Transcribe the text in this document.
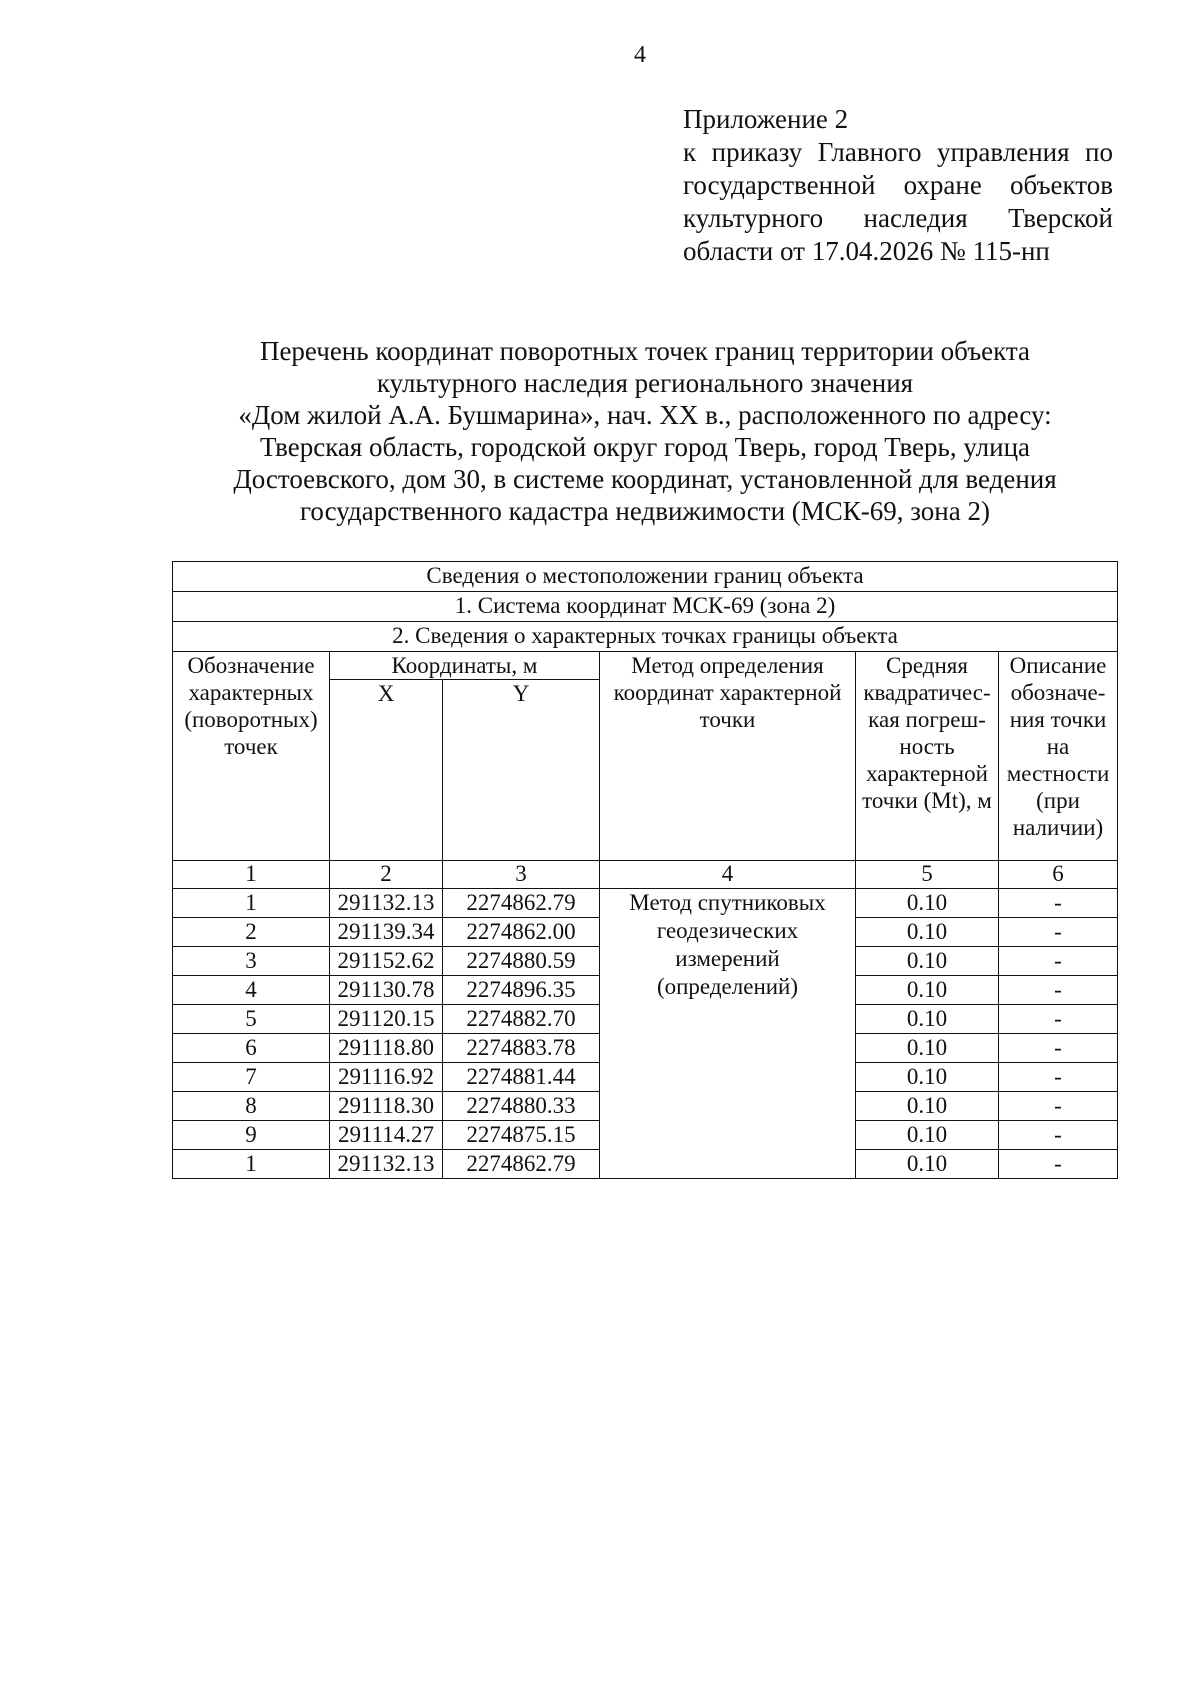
4
Приложение 2
к приказу Главного управления по
государственной охране объектов
культурного наследия Тверской
области от 17.04.2026 № 115-нп
Перечень координат поворотных точек границ территории объекта
культурного наследия регионального значения
«Дом жилой А.А. Бушмарина», нач. XX в., расположенного по адресу:
Тверская область, городской округ город Тверь, город Тверь, улица
Достоевского, дом 30, в системе координат, установленной для ведения
государственного кадастра недвижимости (МСК-69, зона 2)
Сведения о местоположении границ объекта					
1. Система координат МСК-69 (зона 2)					
2. Сведения о характерных точках границы объекта					
Обозначение характерных (поворотных) точек	Координаты, м		Метод определения координат характерной точки	Средняя квадратичес-кая погреш-ность характерной точки (Mt), м	Описание обозначе-ния точки на местности (при наличии)
	X	Y			
1	2	3	4	5	6
1	291132.13	2274862.79	Метод спутниковых геодезических измерений (определений)	0.10	-
2	291139.34	2274862.00		0.10	-
3	291152.62	2274880.59		0.10	-
4	291130.78	2274896.35		0.10	-
5	291120.15	2274882.70		0.10	-
6	291118.80	2274883.78		0.10	-
7	291116.92	2274881.44		0.10	-
8	291118.30	2274880.33		0.10	-
9	291114.27	2274875.15		0.10	-
1	291132.13	2274862.79		0.10	-
